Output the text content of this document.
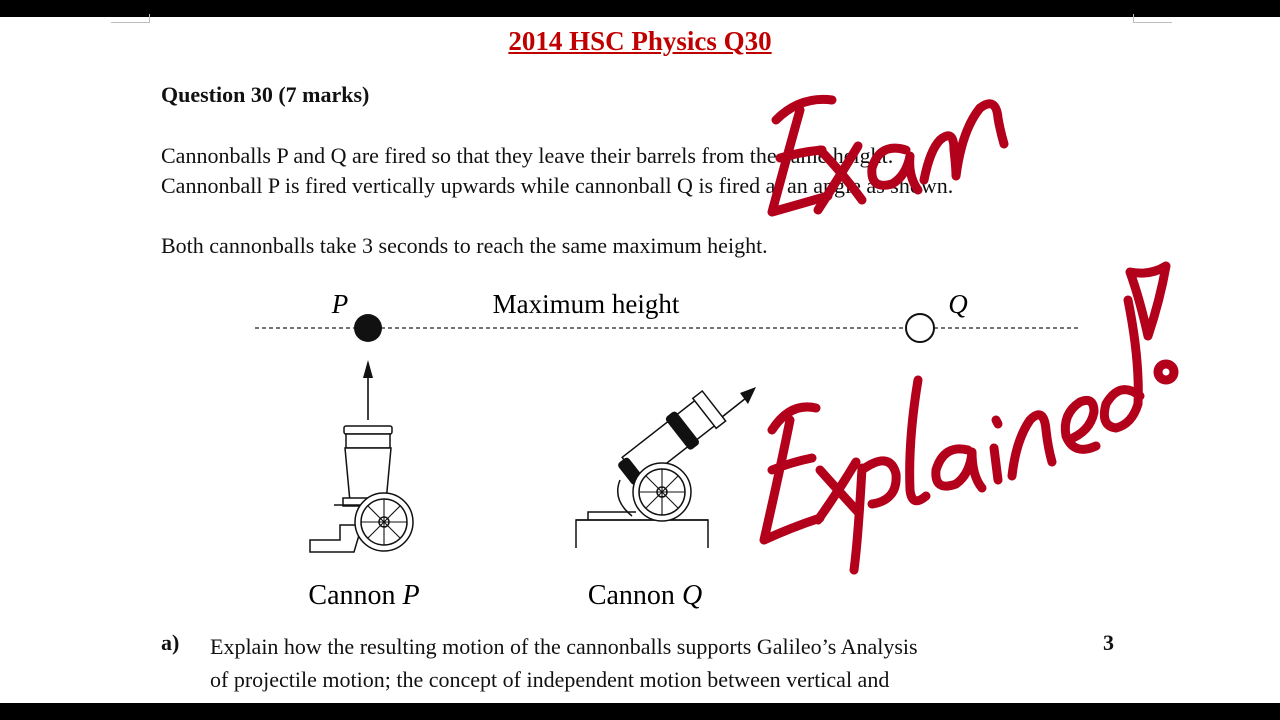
2014 HSC Physics Q30
Question 30 (7 marks)
Cannonballs P and Q are fired so that they leave their barrels from the same height.
Cannonball P is fired vertically upwards while cannonball Q is fired at an angle as shown.
Both cannonballs take 3 seconds to reach the same maximum height.
P	Maximum height	Q
Cannon P	Cannon Q
a) Explain how the resulting motion of the cannonballs supports Galileo’s Analysis
of projectile motion; the concept of independent motion between vertical and
3
